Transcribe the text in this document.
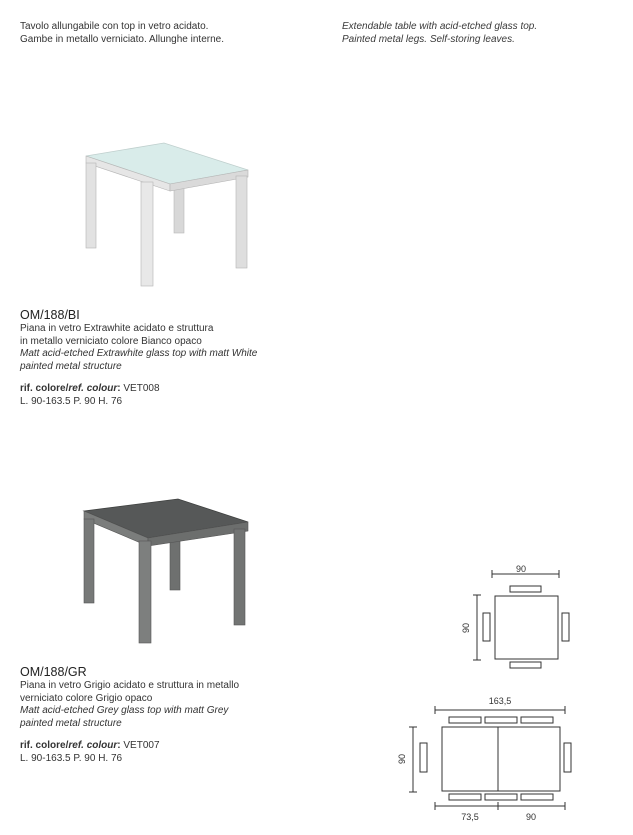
Tavolo allungabile con top in vetro acidato.

Gambe in metallo verniciato. Allunghe interne.

Extendable table with acid-etched glass top.

Painted metal legs. Self-storing leaves.

OM/188/BI

Piana in vetro Extrawhite acidato e struttura

in metallo verniciato colore Bianco opaco

Matt acid-etched Extrawhite glass top with matt White

painted metal structure

rif. colore/ref. colour: VET008

L. 90-163.5 P. 90 H. 76

OM/188/GR

Piana in vetro Grigio acidato e struttura in metallo

verniciato colore Grigio opaco

Matt acid-etched Grey glass top with matt Grey

painted metal structure

rif. colore/ref. colour: VET007

L. 90-163.5 P. 90 H. 76

90
90
163,5
90
73,5	90
